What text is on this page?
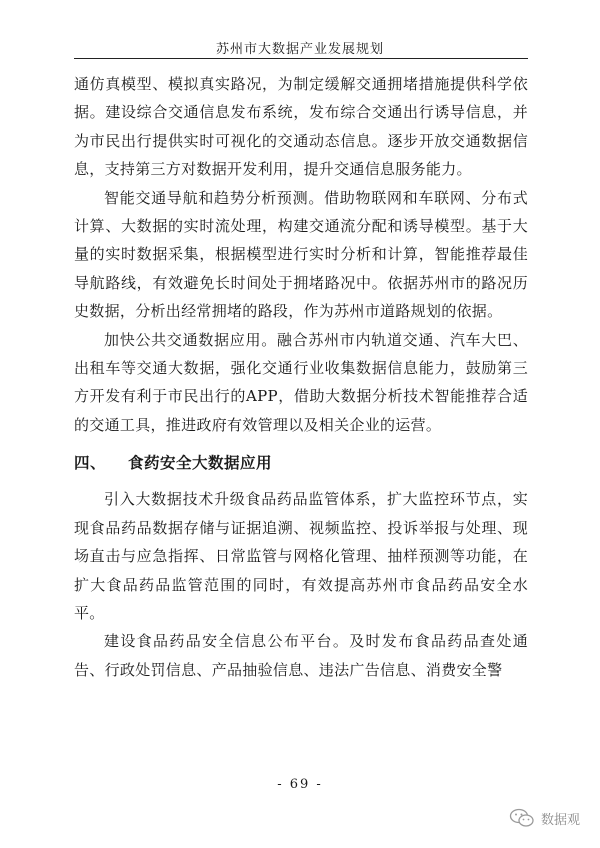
苏州市大数据产业发展规划

通仿真模型、模拟真实路况，为制定缓解交通拥堵措施提供科学依据。建设综合交通信息发布系统，发布综合交通出行诱导信息，并为市民出行提供实时可视化的交通动态信息。逐步开放交通数据信息，支持第三方对数据开发利用，提升交通信息服务能力。

智能交通导航和趋势分析预测。借助物联网和车联网、分布式计算、大数据的实时流处理，构建交通流分配和诱导模型。基于大量的实时数据采集，根据模型进行实时分析和计算，智能推荐最佳导航路线，有效避免长时间处于拥堵路况中。依据苏州市的路况历史数据，分析出经常拥堵的路段，作为苏州市道路规划的依据。

加快公共交通数据应用。融合苏州市内轨道交通、汽车大巴、出租车等交通大数据，强化交通行业收集数据信息能力，鼓励第三方开发有利于市民出行的APP，借助大数据分析技术智能推荐合适的交通工具，推进政府有效管理以及相关企业的运营。

四、 食药安全大数据应用

引入大数据技术升级食品药品监管体系，扩大监控环节点，实现食品药品数据存储与证据追溯、视频监控、投诉举报与处理、现场直击与应急指挥、日常监管与网格化管理、抽样预测等功能，在扩大食品药品监管范围的同时，有效提高苏州市食品药品安全水平。

建设食品药品安全信息公布平台。及时发布食品药品查处通告、行政处罚信息、产品抽验信息、违法广告信息、消费安全警

- 69 -
数据观
